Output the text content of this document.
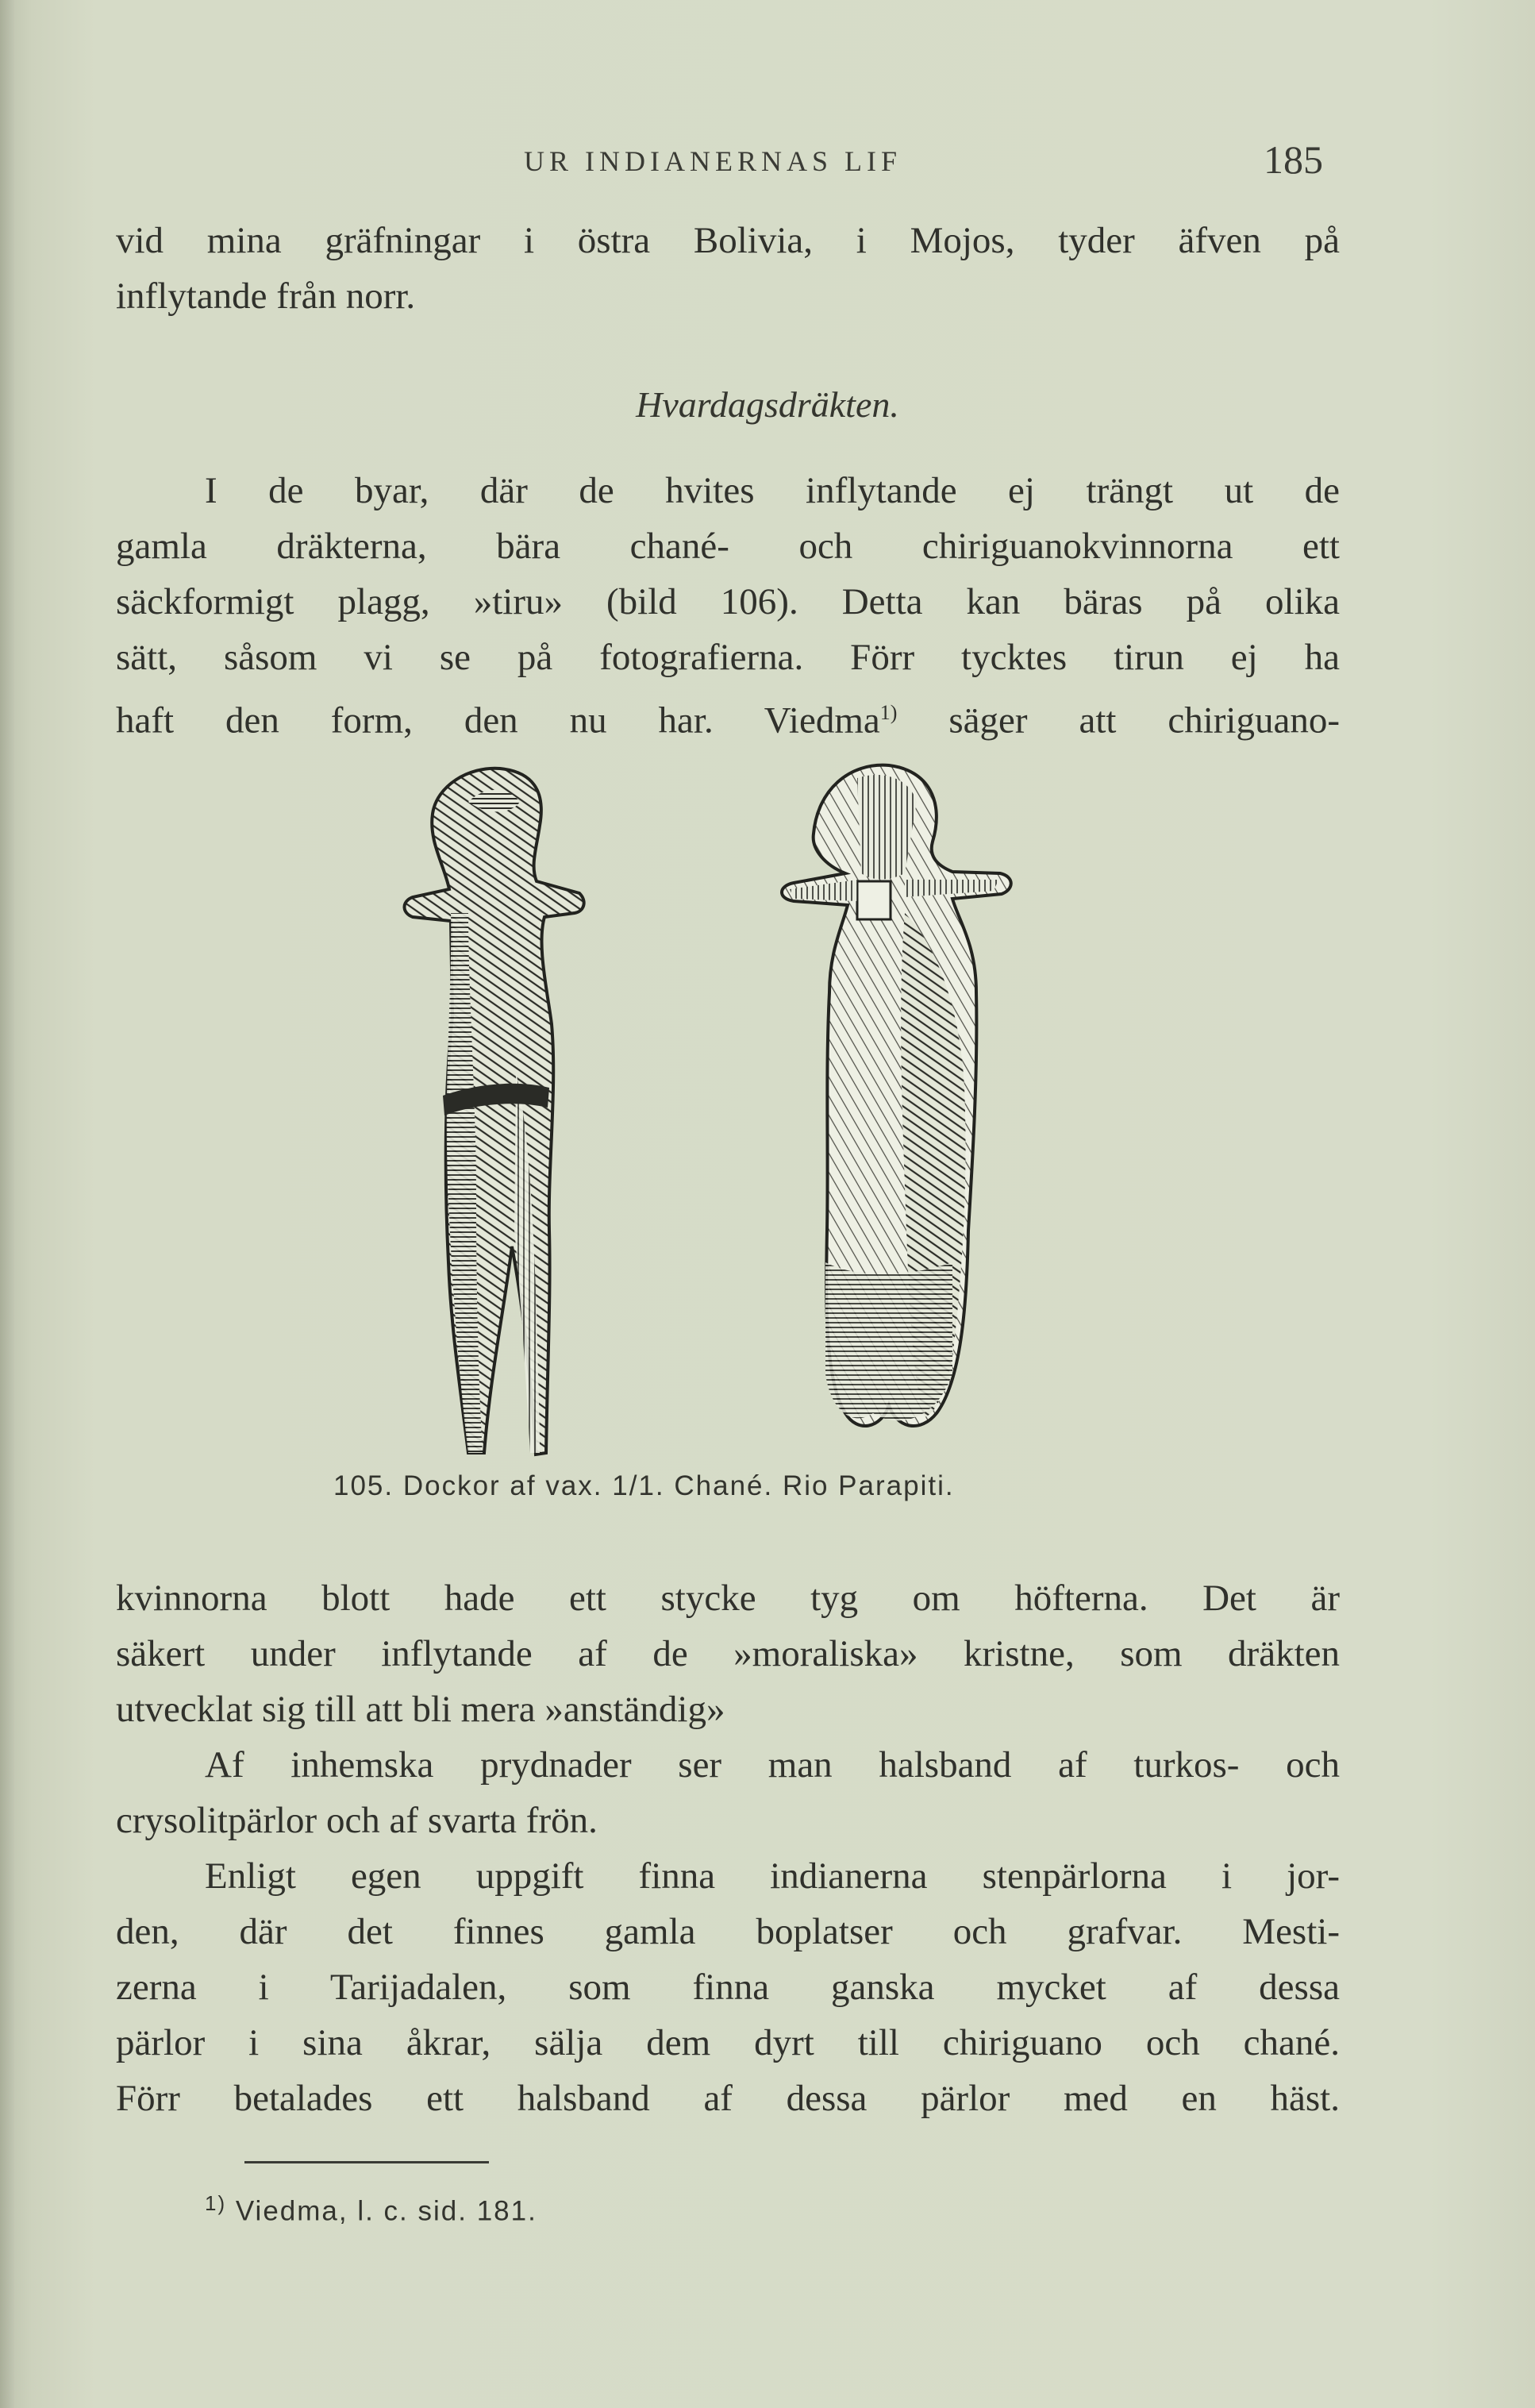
UR INDIANERNAS LIF	185
vid mina gräfningar i östra Bolivia, i Mojos, tyder äfven på
inflytande från norr.
Hvardagsdräkten.
I de byar, där de hvites inflytande ej trängt ut de
gamla dräkterna, bära chané- och chiriguanokvinnorna ett
säckformigt plagg, »tiru» (bild 106). Detta kan bäras på olika
sätt, såsom vi se på fotografierna. Förr tycktes tirun ej ha
haft den form, den nu har. Viedma$^{1)}$ säger att chiriguano-
105. Dockor af vax. 1/1. Chané. Rio Parapiti.
kvinnorna blott hade ett stycke tyg om höfterna. Det är
säkert under inflytande af de »moraliska» kristne, som dräkten
utvecklat sig till att bli mera »anständig»
Af inhemska prydnader ser man halsband af turkos- och
crysolitpärlor och af svarta frön.
Enligt egen uppgift finna indianerna stenpärlorna i jor-
den, där det finnes gamla boplatser och grafvar. Mesti-
zerna i Tarijadalen, som finna ganska mycket af dessa
pärlor i sina åkrar, sälja dem dyrt till chiriguano och chané.
Förr betalades ett halsband af dessa pärlor med en häst.
$^{1)}$ Viedma, l. c. sid. 181.
